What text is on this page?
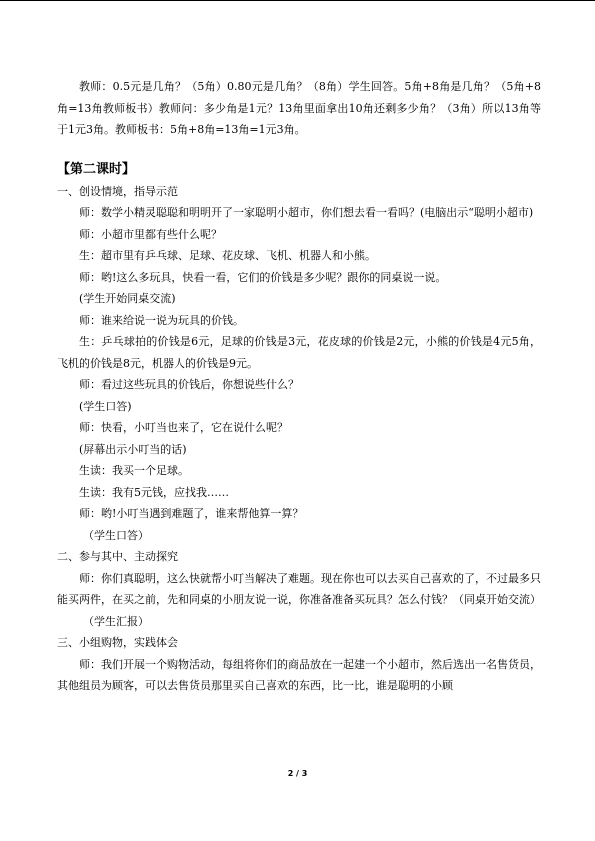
教师：0.5元是几角？（5角）0.80元是几角？（8角）学生回答。5角+8角是几角？（5角+8角=13角教师板书）教师问：多少角是1元？13角里面拿出10角还剩多少角？（3角）所以13角等于1元3角。教师板书：5角+8角=13角=1元3角。

【第二课时】

一、创设情境，指导示范

师：数学小精灵聪聪和明明开了一家聪明小超市，你们想去看一看吗？(电脑出示“聪明小超市)

师：小超市里都有些什么呢？

生：超市里有乒乓球、足球、花皮球、飞机、机器人和小熊。

师：哟!这么多玩具，快看一看，它们的价钱是多少呢？跟你的同桌说一说。

(学生开始同桌交流)

师：谁来给说一说为玩具的价钱。

生：乒乓球拍的价钱是6元，足球的价钱是3元，花皮球的价钱是2元，小熊的价钱是4元5角，飞机的价钱是8元，机器人的价钱是9元。

师：看过这些玩具的价钱后，你想说些什么？

(学生口答)

师：快看，小叮当也来了，它在说什么呢？

(屏幕出示小叮当的话)

生读：我买一个足球。

生读：我有5元钱，应找我……

师：哟!小叮当遇到难题了，谁来帮他算一算？

（学生口答）

二、参与其中、主动探究

师：你们真聪明，这么快就帮小叮当解决了难题。现在你也可以去买自己喜欢的了，不过最多只能买两件，在买之前，先和同桌的小朋友说一说，你准备准备买玩具？怎么付钱？（同桌开始交流）

（学生汇报）

三、小组购物，实践体会

师：我们开展一个购物活动，每组将你们的商品放在一起建一个小超市，然后选出一名售货员，其他组员为顾客，可以去售货员那里买自己喜欢的东西，比一比，谁是聪明的小顾

2 / 3
